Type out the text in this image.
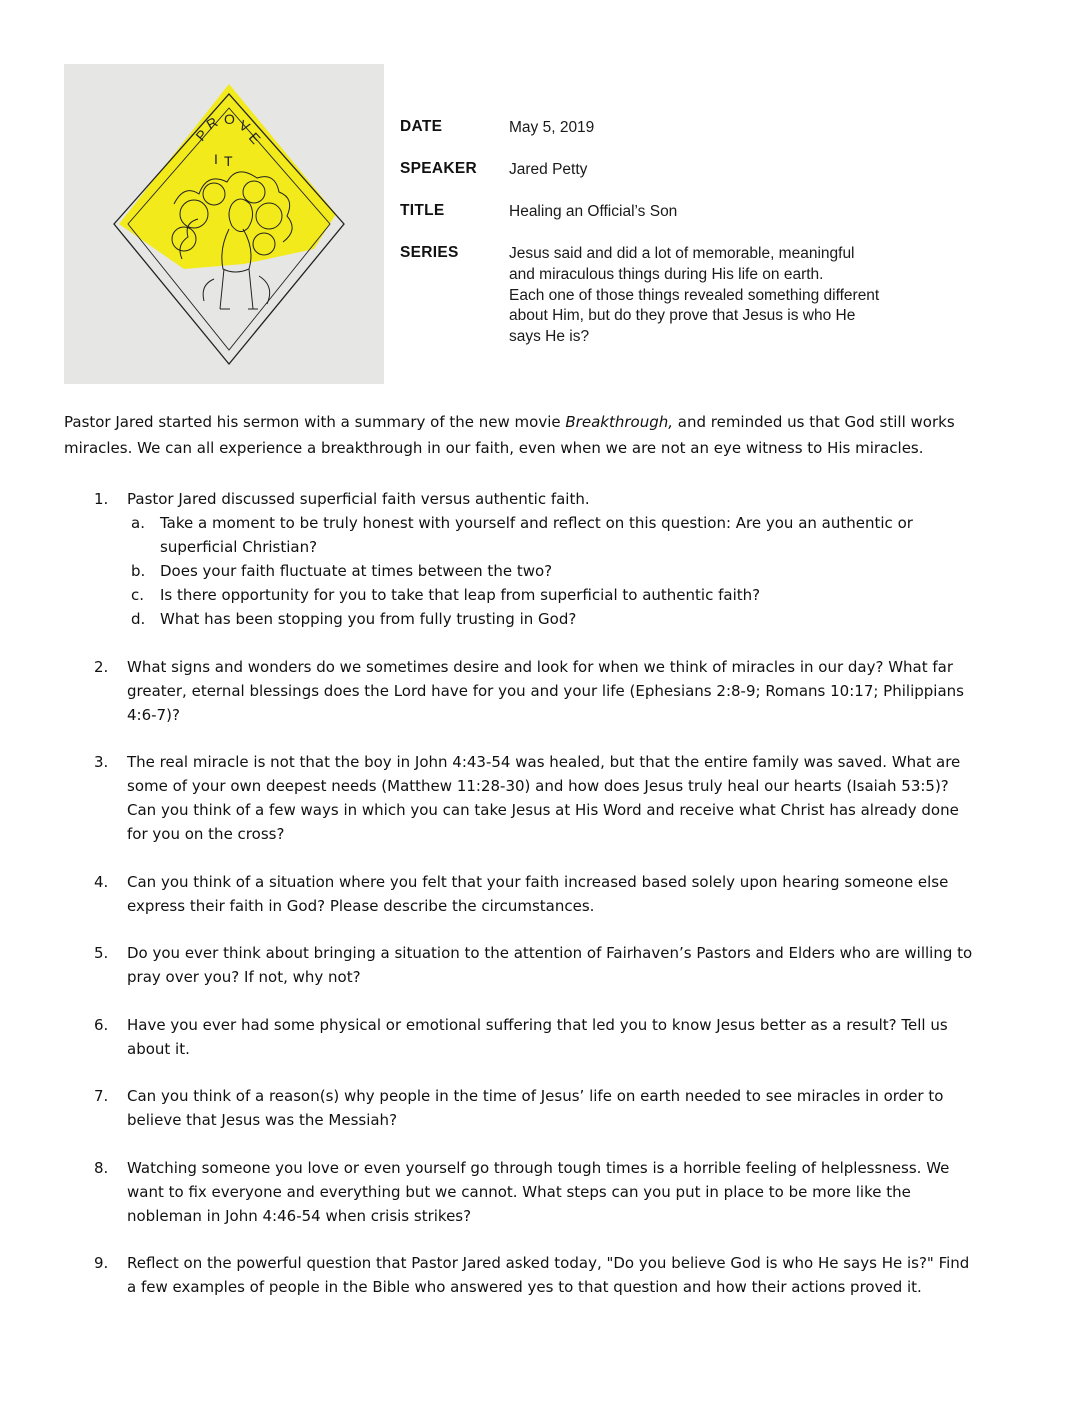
P
R O V
E
I T
DATE	May 5, 2019
SPEAKER	Jared Petty
TITLE	Healing an Official’s Son
SERIES	Jesus said and did a lot of memorable, meaningful
and miraculous things during His life on earth.
Each one of those things revealed something different
about Him, but do they prove that Jesus is who He
says He is?
Pastor Jared started his sermon with a summary of the new movie Breakthrough, and reminded us that God still works
miracles. We can all experience a breakthrough in our faith, even when we are not an eye witness to His miracles.
1.	Pastor Jared discussed superficial faith versus authentic faith.
a.	Take a moment to be truly honest with yourself and reflect on this question: Are you an authentic or
superficial Christian?
b. Does your faith fluctuate at times between the two?
c.	Is there opportunity for you to take that leap from superficial to authentic faith?
d. What has been stopping you from fully trusting in God?
2.	What signs and wonders do we sometimes desire and look for when we think of miracles in our day? What far
greater, eternal blessings does the Lord have for you and your life (Ephesians 2:8-9; Romans 10:17; Philippians
4:6-7)?
3.	The real miracle is not that the boy in John 4:43-54 was healed, but that the entire family was saved. What are
some of your own deepest needs (Matthew 11:28-30) and how does Jesus truly heal our hearts (Isaiah 53:5)?
Can you think of a few ways in which you can take Jesus at His Word and receive what Christ has already done
for you on the cross?
4.	Can you think of a situation where you felt that your faith increased based solely upon hearing someone else
express their faith in God? Please describe the circumstances.
5.	Do you ever think about bringing a situation to the attention of Fairhaven’s Pastors and Elders who are willing to
pray over you? If not, why not?
6.	Have you ever had some physical or emotional suffering that led you to know Jesus better as a result? Tell us
about it.
7.	Can you think of a reason(s) why people in the time of Jesus’ life on earth needed to see miracles in order to
believe that Jesus was the Messiah?
8.	Watching someone you love or even yourself go through tough times is a horrible feeling of helplessness. We
want to fix everyone and everything but we cannot. What steps can you put in place to be more like the
nobleman in John 4:46-54 when crisis strikes?
9.	Reflect on the powerful question that Pastor Jared asked today, "Do you believe God is who He says He is?" Find
a few examples of people in the Bible who answered yes to that question and how their actions proved it.
